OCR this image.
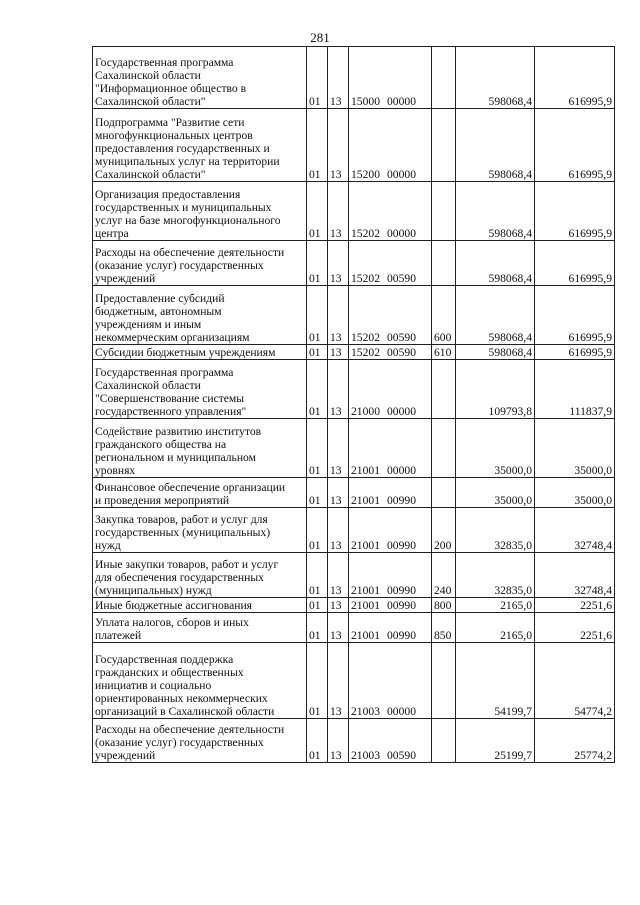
281
Государственная программа
Сахалинской области
"Информационное общество в
Сахалинской области"	01	13	15000 00000		598068,4	616995,9

Подпрограмма "Развитие сети
многофункциональных центров
предоставления государственных и
муниципальных услуг на территории
Сахалинской области"	01	13	15200 00000		598068,4	616995,9

Организация предоставления
государственных и муниципальных
услуг на базе многофункционального
центра	01	13	15202 00000		598068,4	616995,9

Расходы на обеспечение деятельности
(оказание услуг) государственных
учреждений	01	13	15202 00590		598068,4	616995,9

Предоставление субсидий
бюджетным, автономным
учреждениям и иным
некоммерческим организациям	01	13	15202 00590	600	598068,4	616995,9

Субсидии бюджетным учреждениям	01	13	15202 00590	610	598068,4	616995,9

Государственная программа
Сахалинской области
"Совершенствование системы
государственного управления"	01	13	21000 00000		109793,8	111837,9

Содействие развитию институтов
гражданского общества на
региональном и муниципальном
уровнях	01	13	21001 00000		35000,0	35000,0

Финансовое обеспечение организации
и проведения мероприятий	01	13	21001 00990		35000,0	35000,0

Закупка товаров, работ и услуг для
государственных (муниципальных)
нужд	01	13	21001 00990	200	32835,0	32748,4

Иные закупки товаров, работ и услуг
для обеспечения государственных
(муниципальных) нужд	01	13	21001 00990	240	32835,0	32748,4

Иные бюджетные ассигнования	01	13	21001 00990	800	2165,0	2251,6

Уплата налогов, сборов и иных
платежей	01	13	21001 00990	850	2165,0	2251,6

Государственная поддержка
гражданских и общественных
инициатив и социально
ориентированных некоммерческих
организаций в Сахалинской области	01	13	21003 00000		54199,7	54774,2

Расходы на обеспечение деятельности
(оказание услуг) государственных
учреждений	01	13	21003 00590		25199,7	25774,2
